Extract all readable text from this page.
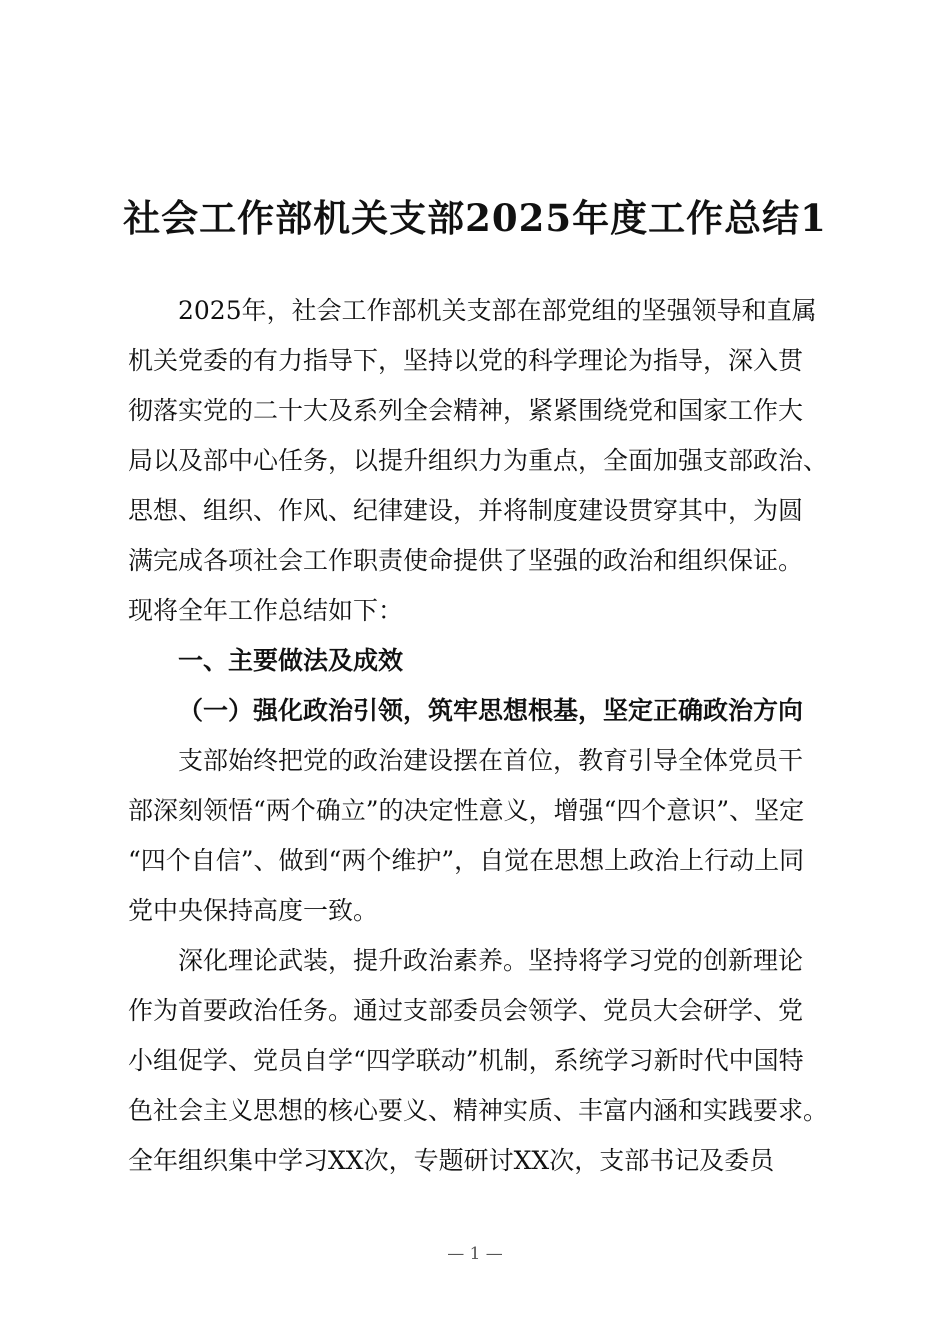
社会工作部机关支部2025年度工作总结1

2025年，社会工作部机关支部在部党组的坚强领导和直属

机关党委的有力指导下，坚持以党的科学理论为指导，深入贯

彻落实党的二十大及系列全会精神，紧紧围绕党和国家工作大

局以及部中心任务，以提升组织力为重点，全面加强支部政治、

思想、组织、作风、纪律建设，并将制度建设贯穿其中，为圆

满完成各项社会工作职责使命提供了坚强的政治和组织保证。

现将全年工作总结如下：

一、主要做法及成效

（一）强化政治引领，筑牢思想根基，坚定正确政治方向

支部始终把党的政治建设摆在首位，教育引导全体党员干

部深刻领悟“两个确立”的决定性意义，增强“四个意识”、坚定

“四个自信”、做到“两个维护”，自觉在思想上政治上行动上同

党中央保持高度一致。

深化理论武装，提升政治素养。坚持将学习党的创新理论

作为首要政治任务。通过支部委员会领学、党员大会研学、党

小组促学、党员自学“四学联动”机制，系统学习新时代中国特

色社会主义思想的核心要义、精神实质、丰富内涵和实践要求。

全年组织集中学习XX次，专题研讨XX次，支部书记及委员

— 1 —
